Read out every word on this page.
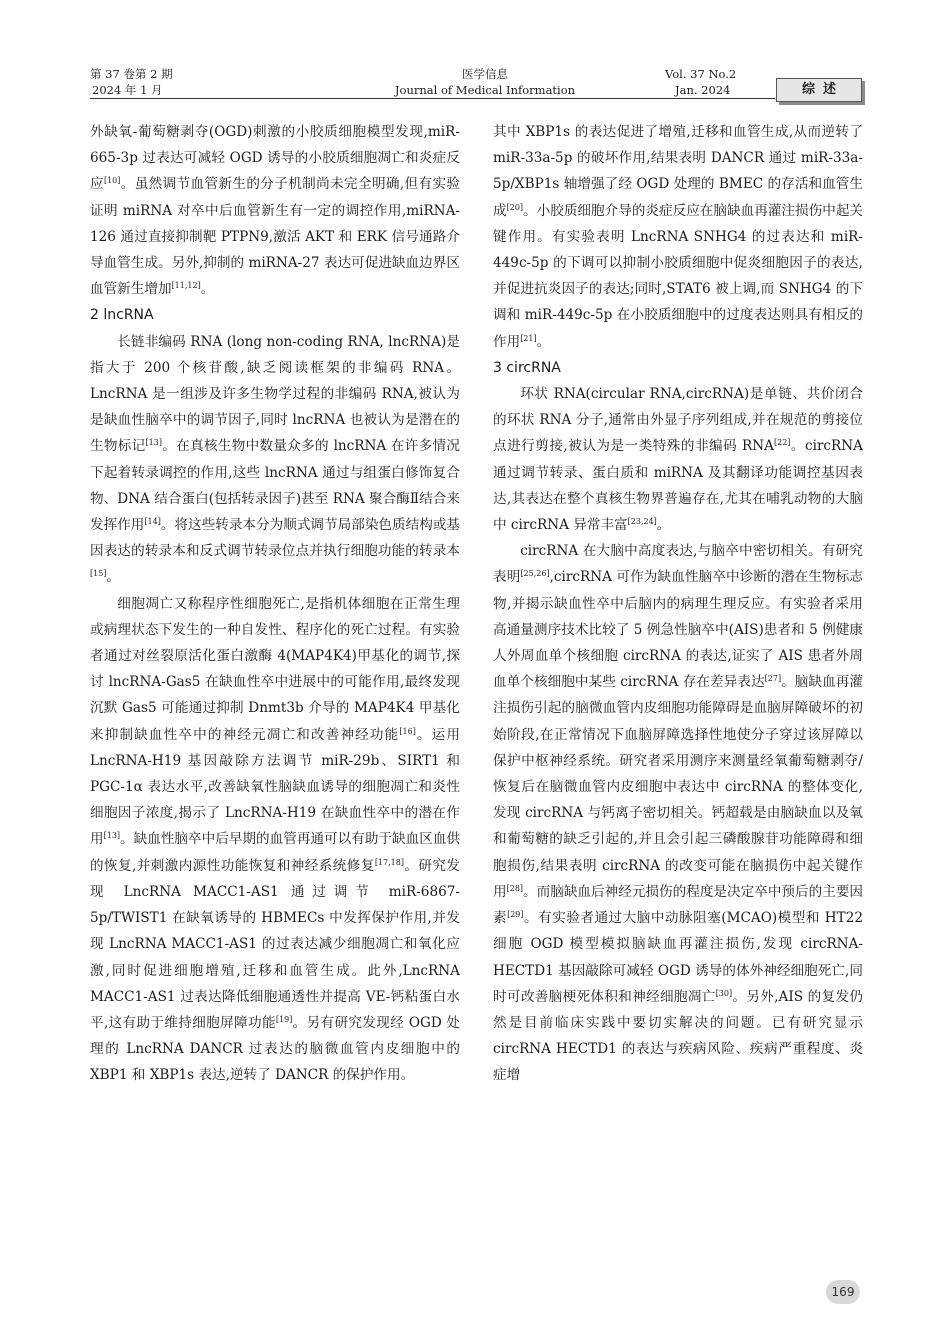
第 37 卷第 2 期
2024 年 1 月
医学信息
Journal of Medical Information
Vol. 37 No.2
Jan. 2024	综述

外缺氧-葡萄糖剥夺(OGD)刺激的小胶质细胞模型发现,miR-665-3p 过表达可减轻 OGD 诱导的小胶质细胞凋亡和炎症反应[10]。虽然调节血管新生的分子机制尚未完全明确,但有实验证明 miRNA 对卒中后血管新生有一定的调控作用,miRNA-126 通过直接抑制靶 PTPN9,激活 AKT 和 ERK 信号通路介导血管生成。另外,抑制的 miRNA-27 表达可促进缺血边界区血管新生增加[11,12]。

2 lncRNA

长链非编码 RNA (long non-coding RNA, lncRNA)是指大于 200 个核苷酸,缺乏阅读框架的非编码 RNA。LncRNA 是一组涉及许多生物学过程的非编码 RNA,被认为是缺血性脑卒中的调节因子,同时 lncRNA 也被认为是潜在的生物标记[13]。在真核生物中数量众多的 lncRNA 在许多情况下起着转录调控的作用,这些 lncRNA 通过与组蛋白修饰复合物、DNA 结合蛋白(包括转录因子)甚至 RNA 聚合酶Ⅱ结合来发挥作用[14]。将这些转录本分为顺式调节局部染色质结构或基因表达的转录本和反式调节转录位点并执行细胞功能的转录本[15]。

细胞凋亡又称程序性细胞死亡,是指机体细胞在正常生理或病理状态下发生的一种自发性、程序化的死亡过程。有实验者通过对丝裂原活化蛋白激酶 4(MAP4K4)甲基化的调节,探讨 lncRNA-Gas5 在缺血性卒中进展中的可能作用,最终发现沉默 Gas5 可能通过抑制 Dnmt3b 介导的 MAP4K4 甲基化来抑制缺血性卒中的神经元凋亡和改善神经功能[16]。运用 LncRNA-H19 基因敲除方法调节 miR-29b、SIRT1 和 PGC-1α 表达水平,改善缺氧性脑缺血诱导的细胞凋亡和炎性细胞因子浓度,揭示了 LncRNA-H19 在缺血性卒中的潜在作用[13]。缺血性脑卒中后早期的血管再通可以有助于缺血区血供的恢复,并刺激内源性功能恢复和神经系统修复[17,18]。研究发现 LncRNA MACC1-AS1 通过调节 miR-6867-5p/TWIST1 在缺氧诱导的 HBMECs 中发挥保护作用,并发现 LncRNA MACC1-AS1 的过表达减少细胞凋亡和氧化应激,同时促进细胞增殖,迁移和血管生成。此外,LncRNA MACC1-AS1 过表达降低细胞通透性并提高 VE-钙粘蛋白水平,这有助于维持细胞屏障功能[19]。另有研究发现经 OGD 处理的 LncRNA DANCR 过表达的脑微血管内皮细胞中的 XBP1 和 XBP1s 表达,逆转了 DANCR 的保护作用。

其中 XBP1s 的表达促进了增殖,迁移和血管生成,从而逆转了 miR-33a-5p 的破坏作用,结果表明 DANCR 通过 miR-33a-5p/XBP1s 轴增强了经 OGD 处理的 BMEC 的存活和血管生成[20]。小胶质细胞介导的炎症反应在脑缺血再灌注损伤中起关键作用。有实验表明 LncRNA SNHG4 的过表达和 miR-449c-5p 的下调可以抑制小胶质细胞中促炎细胞因子的表达,并促进抗炎因子的表达;同时,STAT6 被上调,而 SNHG4 的下调和 miR-449c-5p 在小胶质细胞中的过度表达则具有相反的作用[21]。

3 circRNA

环状 RNA(circular RNA,circRNA)是单链、共价闭合的环状 RNA 分子,通常由外显子序列组成,并在规范的剪接位点进行剪接,被认为是一类特殊的非编码 RNA[22]。circRNA 通过调节转录、蛋白质和 miRNA 及其翻译功能调控基因表达,其表达在整个真核生物界普遍存在,尤其在哺乳动物的大脑中 circRNA 异常丰富[23,24]。

circRNA 在大脑中高度表达,与脑卒中密切相关。有研究表明[25,26],circRNA 可作为缺血性脑卒中诊断的潜在生物标志物,并揭示缺血性卒中后脑内的病理生理反应。有实验者采用高通量测序技术比较了 5 例急性脑卒中(AIS)患者和 5 例健康人外周血单个核细胞 circRNA 的表达,证实了 AIS 患者外周血单个核细胞中某些 circRNA 存在差异表达[27]。脑缺血再灌注损伤引起的脑微血管内皮细胞功能障碍是血脑屏障破坏的初始阶段,在正常情况下血脑屏障选择性地使分子穿过该屏障以保护中枢神经系统。研究者采用测序来测量经氧葡萄糖剥夺/恢复后在脑微血管内皮细胞中表达中 circRNA 的整体变化,发现 circRNA 与钙离子密切相关。钙超载是由脑缺血以及氧和葡萄糖的缺乏引起的,并且会引起三磷酸腺苷功能障碍和细胞损伤,结果表明 circRNA 的改变可能在脑损伤中起关键作用[28]。而脑缺血后神经元损伤的程度是决定卒中预后的主要因素[29]。有实验者通过大脑中动脉阻塞(MCAO)模型和 HT22 细胞 OGD 模型模拟脑缺血再灌注损伤,发现 circRNA-HECTD1 基因敲除可减轻 OGD 诱导的体外神经细胞死亡,同时可改善脑梗死体积和神经细胞凋亡[30]。另外,AIS 的复发仍然是目前临床实践中要切实解决的问题。已有研究显示 circRNA HECTD1 的表达与疾病风险、疾病严重程度、炎症增

169
